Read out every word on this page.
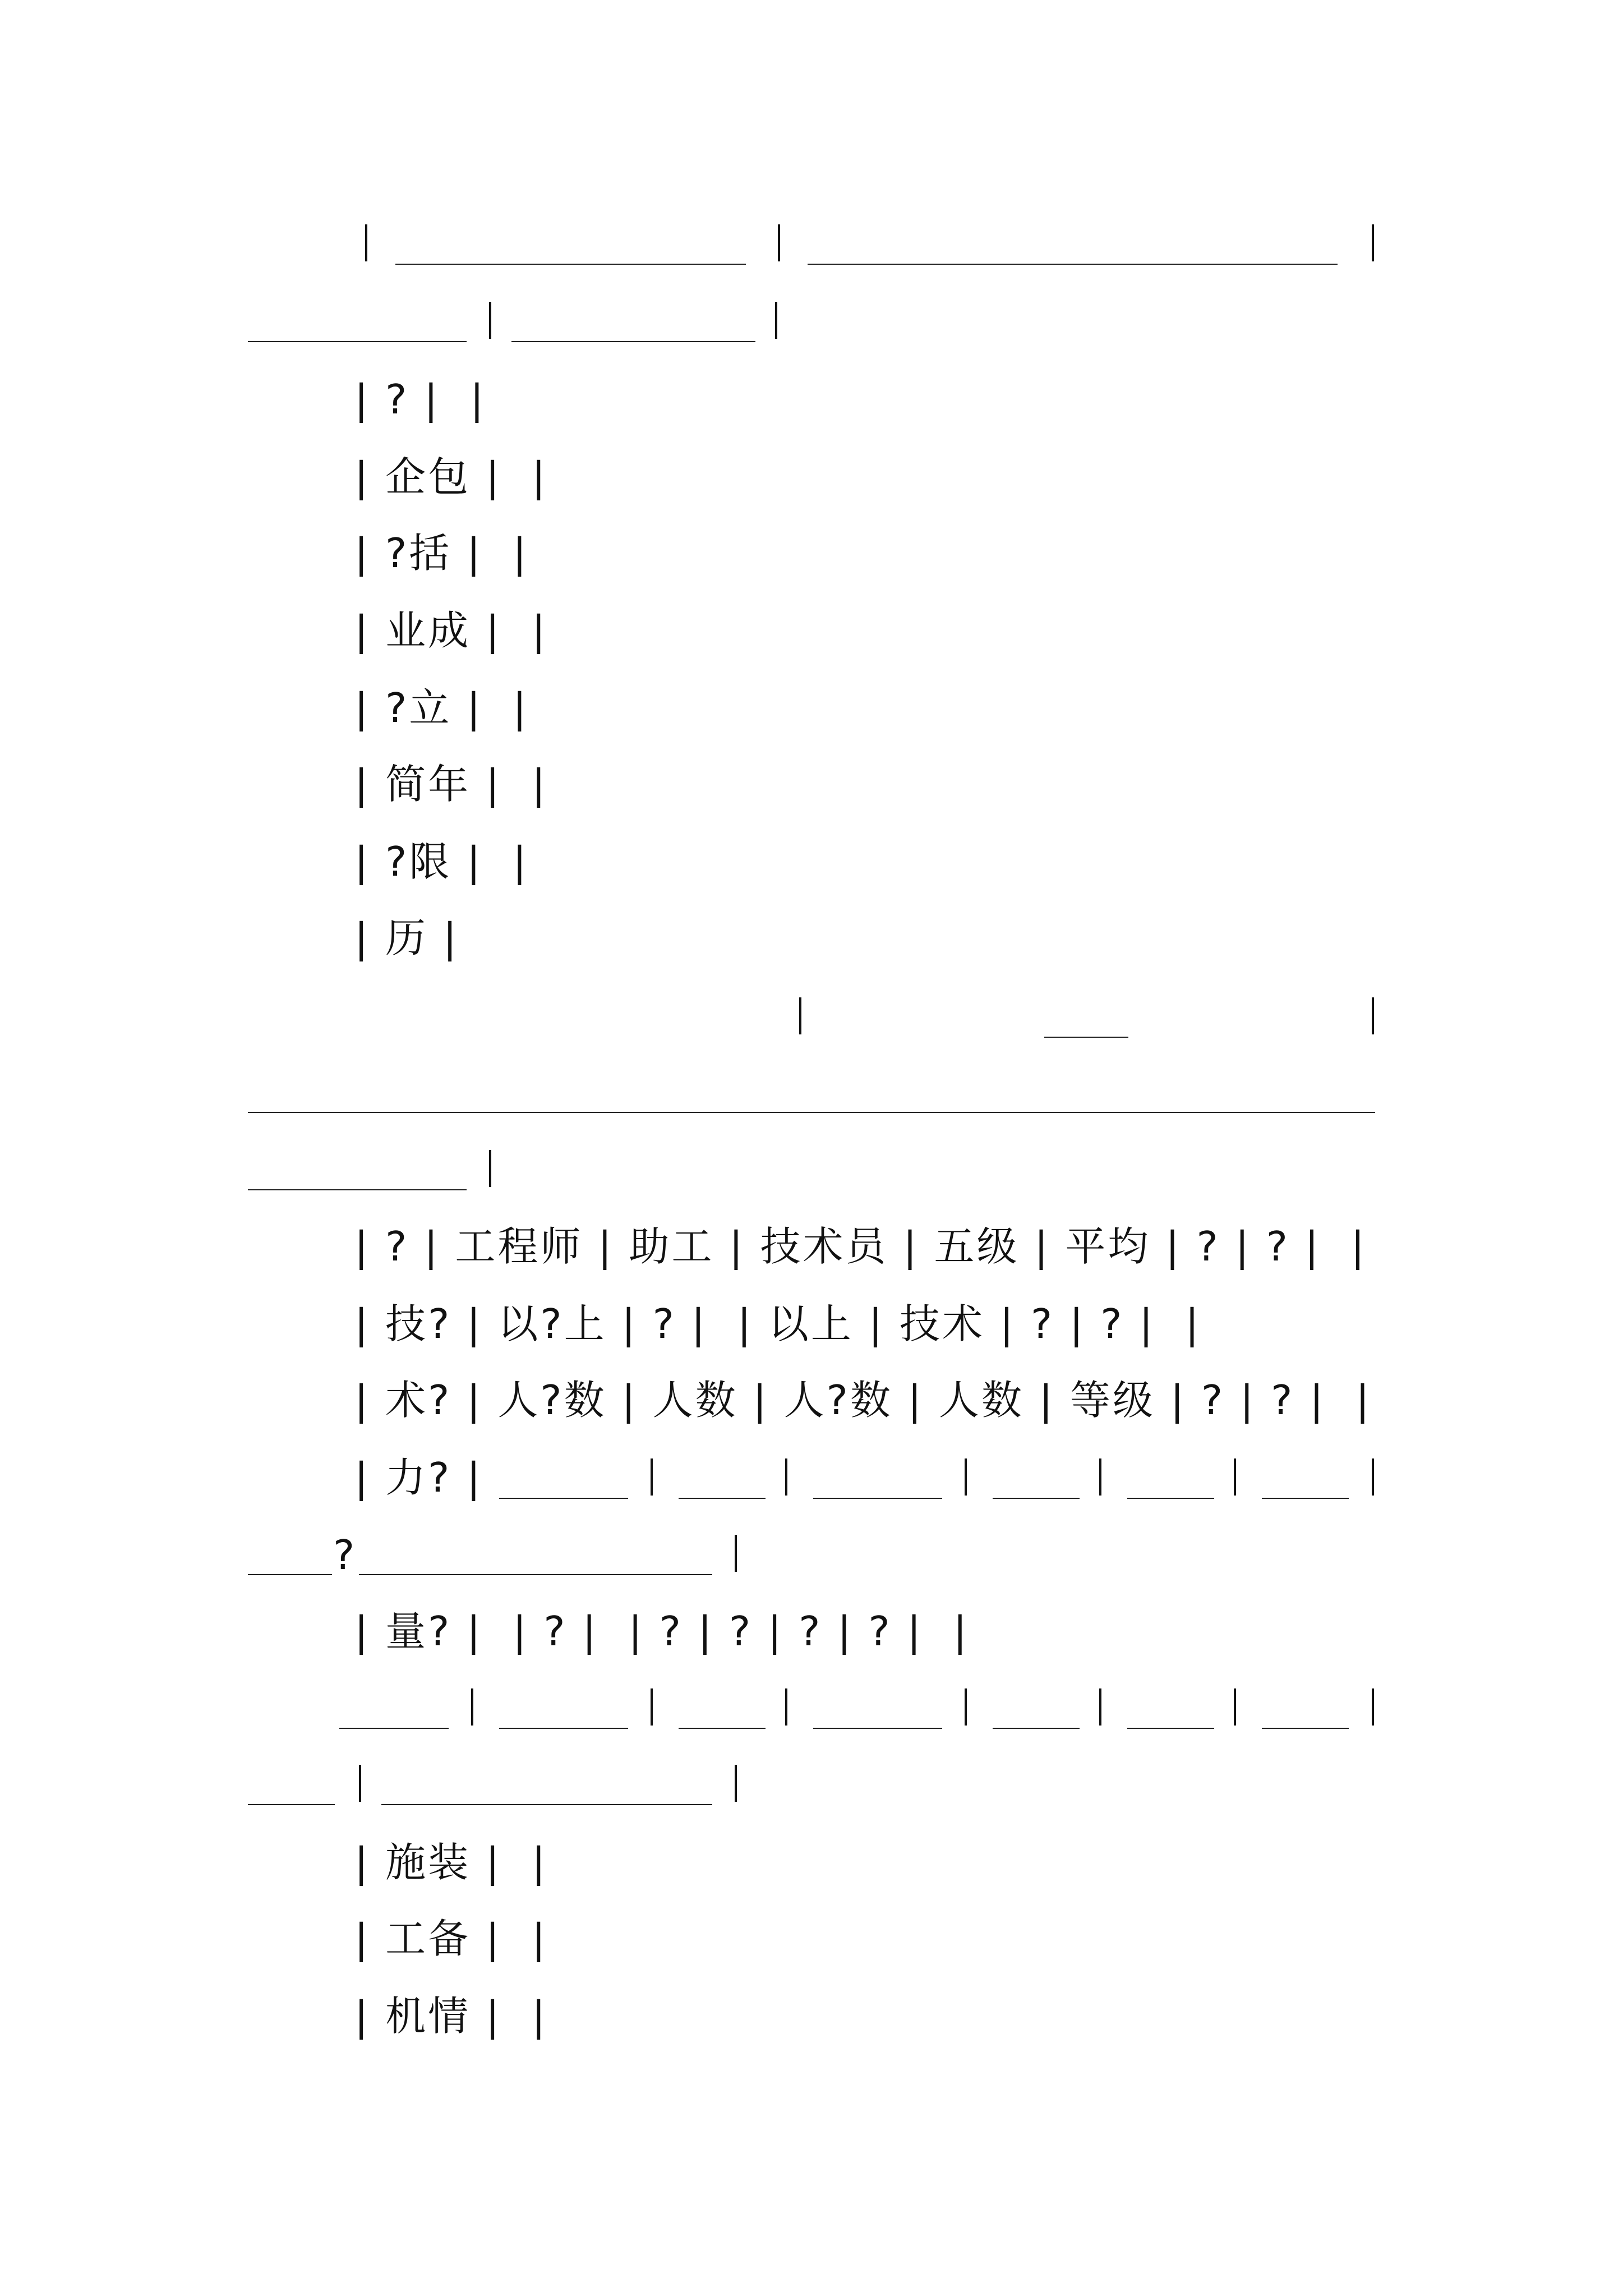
| ? |  |
| 企包 |  |
| ?括 |  |
| 业成 |  |
| ?立 |  |
| 简年 |  |
| ?限 |  |
| 历 |
| ? | 工程师 | 助工 | 技术员 | 五级 | 平均 | ? | ? |  |
| 技? | 以?上 | ? |  | 以上 | 技术 | ? | ? |  |
| 术? | 人?数 | 人数 | 人?数 | 人数 | 等级 | ? | ? |  |
| 力? |
?
| 量? |  | ? |  | ? | ? | ? | ? |  |
| 施装 |  |
| 工备 |  |
| 机情 |  |
